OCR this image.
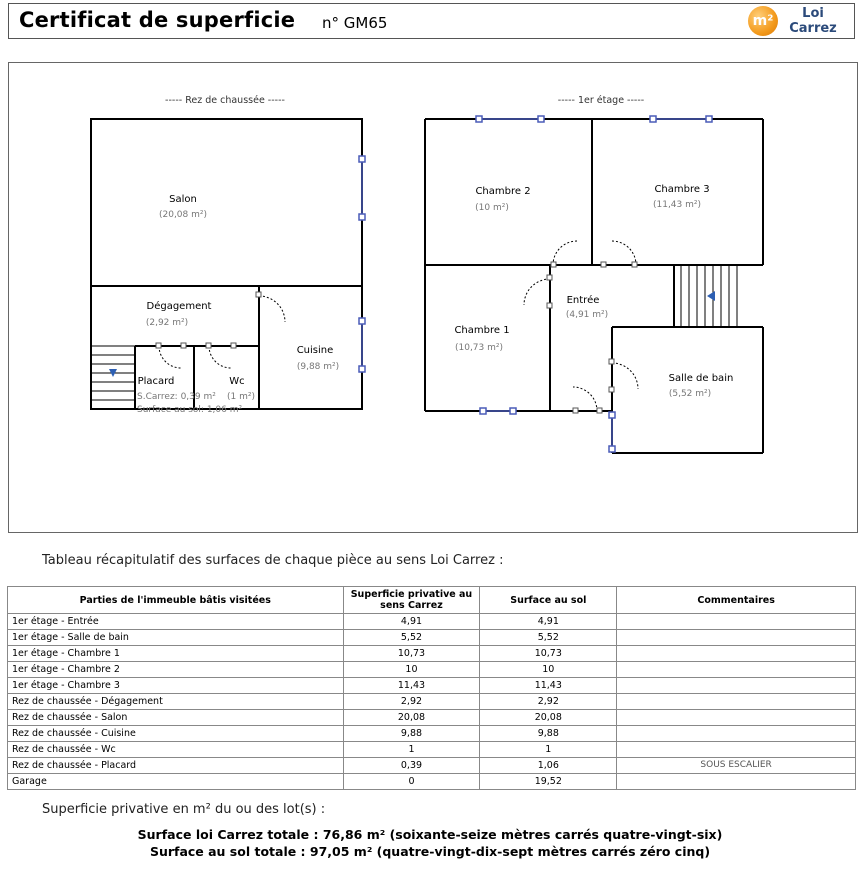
Certificat de superficie n° GM65	m²	Loi
Carrez
----- Rez de chaussée -----	----- 1er étage -----
Salon
(20,08 m²)
Dégagement
(2,92 m²)
Cuisine
(9,88 m²)
Placard
S.Carrez: 0,39 m²
Surface au sol: 1,06 m²
Wc
(1 m²)
Chambre 2
(10 m²)
Chambre 3
(11,43 m²)
Chambre 1
(10,73 m²)
Entrée
(4,91 m²)
Salle de bain
(5,52 m²)
Tableau récapitulatif des surfaces de chaque pièce au sens Loi Carrez :
Parties de l'immeuble bâtis visitées	Superficie privative au sens Carrez	Surface au sol	Commentaires
1er étage - Entrée	4,91	4,91	
1er étage - Salle de bain	5,52	5,52	
1er étage - Chambre 1	10,73	10,73	
1er étage - Chambre 2	10	10	
1er étage - Chambre 3	11,43	11,43	
Rez de chaussée - Dégagement	2,92	2,92	
Rez de chaussée - Salon	20,08	20,08	
Rez de chaussée - Cuisine	9,88	9,88	
Rez de chaussée - Wc	1	1	
Rez de chaussée - Placard	0,39	1,06	SOUS ESCALIER
Garage	0	19,52	
Superficie privative en m² du ou des lot(s) :
Surface loi Carrez totale : 76,86 m² (soixante-seize mètres carrés quatre-vingt-six)
Surface au sol totale : 97,05 m² (quatre-vingt-dix-sept mètres carrés zéro cinq)
